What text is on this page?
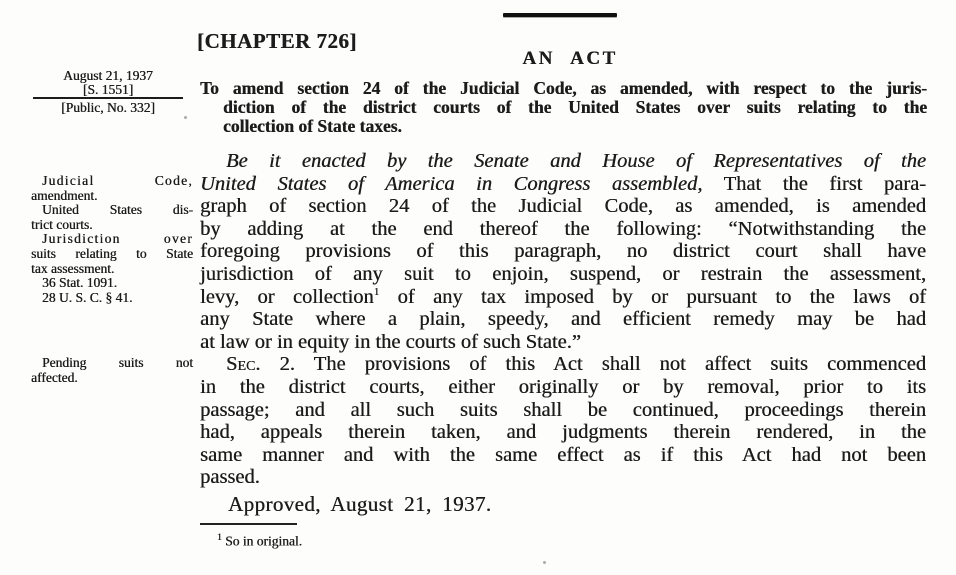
[CHAPTER 726]
AN ACT
August 21, 1937
[S. 1551]
[Public, No. 332]
To amend section 24 of the Judicial Code, as amended, with respect to the juris-
diction of the district courts of the United States over suits relating to the
collection of State taxes.
Judicial Code,
amendment.
United States dis-
trict courts.
Jurisdiction over
suits relating to State
tax assessment.
36 Stat. 1091.
28 U. S. C. § 41.
Pending suits not
affected.
Be it enacted by the Senate and House of Representatives of the
United States of America in Congress assembled, That the first para-
graph of section 24 of the Judicial Code, as amended, is amended
by adding at the end thereof the following: “Notwithstanding the
foregoing provisions of this paragraph, no district court shall have
jurisdiction of any suit to enjoin, suspend, or restrain the assessment,
levy, or collection$^1$ of any tax imposed by or pursuant to the laws of
any State where a plain, speedy, and efficient remedy may be had
at law or in equity in the courts of such State.”
Sec. 2. The provisions of this Act shall not affect suits commenced
in the district courts, either originally or by removal, prior to its
passage; and all such suits shall be continued, proceedings therein
had, appeals therein taken, and judgments therein rendered, in the
same manner and with the same effect as if this Act had not been
passed.
Approved, August 21, 1937.
$^1$ So in original.
